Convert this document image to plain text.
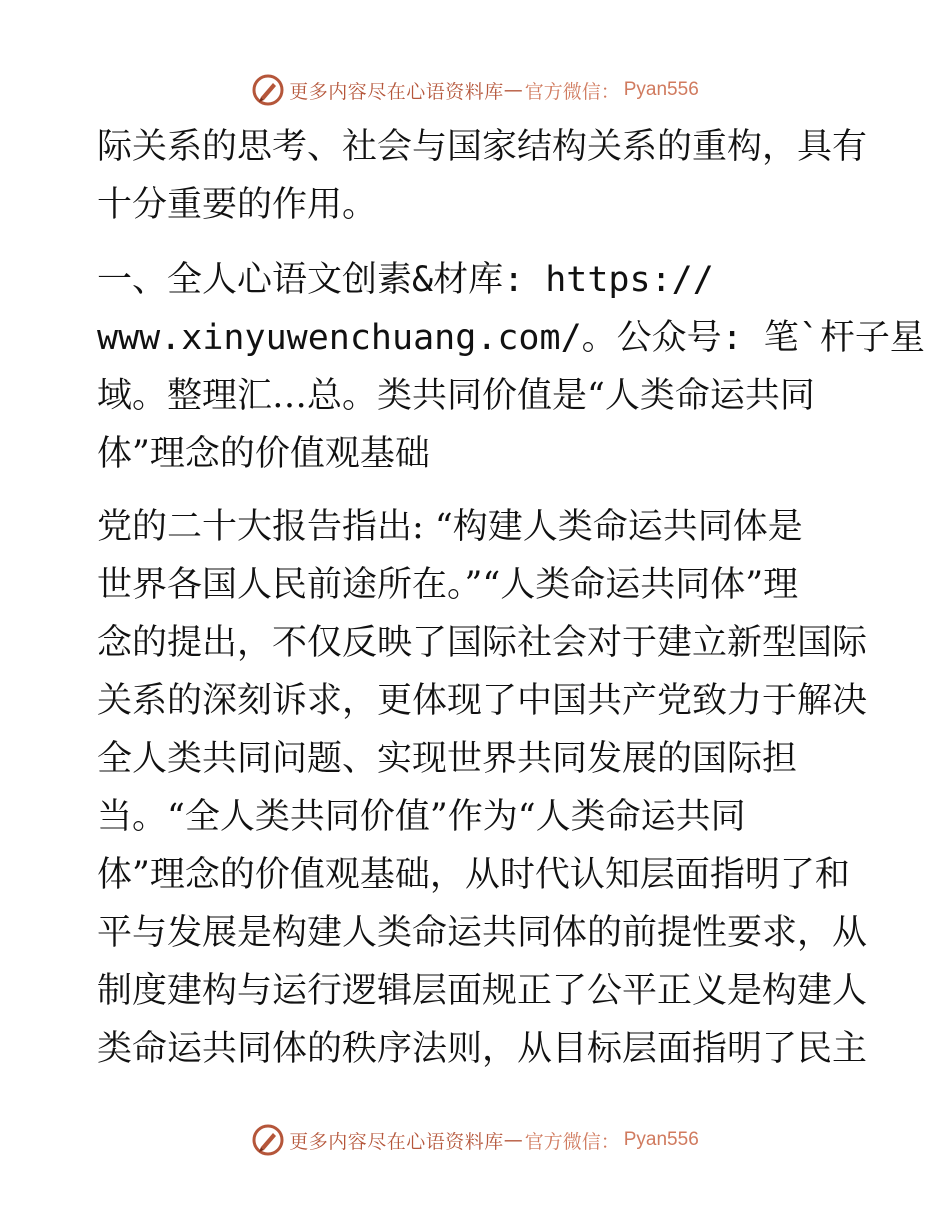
更多内容尽在心语资料库 — 官方微信： Pyan556
际关系的思考、社会与国家结构关系的重构，具有
十分重要的作用。
一、全人心语文创素&材库: https://
www.xinyuwenchuang.com/。公众号: 笔`杆子星
域。整理汇…总。类共同价值是“人类命运共同
体”理念的价值观基础
党的二十大报告指出: “构建人类命运共同体是
世界各国人民前途所在。”“人类命运共同体”理
念的提出，不仅反映了国际社会对于建立新型国际
关系的深刻诉求，更体现了中国共产党致力于解决
全人类共同问题、实现世界共同发展的国际担
当。“全人类共同价值”作为“人类命运共同
体”理念的价值观基础，从时代认知层面指明了和
平与发展是构建人类命运共同体的前提性要求，从
制度建构与运行逻辑层面规正了公平正义是构建人
类命运共同体的秩序法则，从目标层面指明了民主
更多内容尽在心语资料库 — 官方微信： Pyan556
